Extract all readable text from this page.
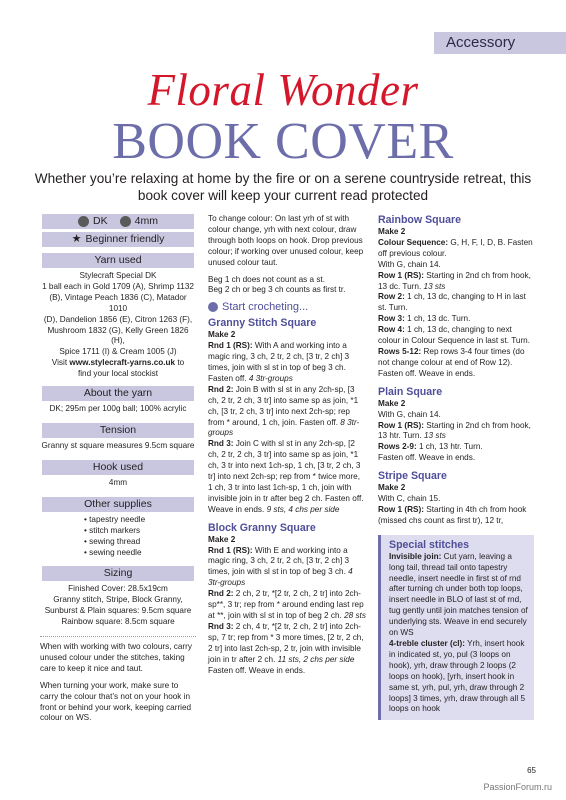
Accessory
Floral Wonder
BOOK COVER
Whether you’re relaxing at home by the fire or on a serene countryside retreat, this book cover will keep your current read protected
DK	4mm
★ Beginner friendly
Yarn used
Stylecraft Special DK
1 ball each in Gold 1709 (A), Shrimp 1132
(B), Vintage Peach 1836 (C), Matador 1010
(D), Dandelion 1856 (E), Citron 1263 (F),
Mushroom 1832 (G), Kelly Green 1826 (H),
Spice 1711 (I) & Cream 1005 (J)
Visit www.stylecraft-yarns.co.uk to
find your local stockist
About the yarn
DK; 295m per 100g ball; 100% acrylic
Tension
Granny st square measures 9.5cm square
Hook used
4mm
Other supplies
• tapestry needle
• stitch markers
• sewing thread
• sewing needle
Sizing
Finished Cover: 28.5x19cm
Granny stitch, Stripe, Block Granny,
Sunburst & Plain squares: 9.5cm square
Rainbow square: 8.5cm square

When with working with two colours, carry unused colour under the stitches, taking care to keep it nice and taut.

When turning your work, make sure to carry the colour that’s not on your hook in front or behind your work, keeping carried colour on WS.

To change colour: On last yrh of st with colour change, yrh with next colour, draw through both loops on hook. Drop previous colour; if working over unused colour, keep unused colour taut.

Beg 1 ch does not count as a st.

Beg 2 ch or beg 3 ch counts as first tr.

Start crocheting...
Granny Stitch Square
Make 2

Rnd 1 (RS): With A and working into a magic ring, 3 ch, 2 tr, 2 ch, [3 tr, 2 ch] 3 times, join with sl st in top of beg 3 ch. Fasten off. 4 3tr-groups

Rnd 2: Join B with sl st in any 2ch-sp, [3 ch, 2 tr, 2 ch, 3 tr] into same sp as join, *1 ch, [3 tr, 2 ch, 3 tr] into next 2ch-sp; rep from * around, 1 ch, join. Fasten off. 8 3tr-groups

Rnd 3: Join C with sl st in any 2ch-sp, [2 ch, 2 tr, 2 ch, 3 tr] into same sp as join, *1 ch, 3 tr into next 1ch-sp, 1 ch, [3 tr, 2 ch, 3 tr] into next 2ch-sp; rep from * twice more, 1 ch, 3 tr into last 1ch-sp, 1 ch, join with invisible join in tr after beg 2 ch. Fasten off. Weave in ends. 9 sts, 4 chs per side

Block Granny Square
Make 2

Rnd 1 (RS): With E and working into a magic ring, 3 ch, 2 tr, 2 ch, [3 tr, 2 ch] 3 times, join with sl st in top of beg 3 ch. 4 3tr-groups

Rnd 2: 2 ch, 2 tr, *[2 tr, 2 ch, 2 tr] into 2ch-sp**, 3 tr; rep from * around ending last rep at **, join with sl st in top of beg 2 ch. 28 sts

Rnd 3: 2 ch, 4 tr, *[2 tr, 2 ch, 2 tr] into 2ch-sp, 7 tr; rep from * 3 more times, [2 tr, 2 ch, 2 tr] into last 2ch-sp, 2 tr, join with invisible join in tr after 2 ch. 11 sts, 2 chs per side

Fasten off. Weave in ends.

Rainbow Square
Make 2

Colour Sequence: G, H, F, I, D, B. Fasten off previous colour.

With G, chain 14.

Row 1 (RS): Starting in 2nd ch from hook, 13 dc. Turn. 13 sts

Row 2: 1 ch, 13 dc, changing to H in last st. Turn.

Row 3: 1 ch, 13 dc. Turn.

Row 4: 1 ch, 13 dc, changing to next colour in Colour Sequence in last st. Turn.

Rows 5-12: Rep rows 3-4 four times (do not change colour at end of Row 12).

Fasten off. Weave in ends.

Plain Square
Make 2

With G, chain 14.

Row 1 (RS): Starting in 2nd ch from hook, 13 htr. Turn. 13 sts

Rows 2-9: 1 ch, 13 htr. Turn.

Fasten off. Weave in ends.

Stripe Square
Make 2

With C, chain 15.

Row 1 (RS): Starting in 4th ch from hook (missed chs count as first tr), 12 tr,

Special stitches

Invisible join: Cut yarn, leaving a long tail, thread tail onto tapestry needle, insert needle in first st of rnd after turning ch under both top loops, insert needle in BLO of last st of rnd, tug gently until join matches tension of underlying sts. Weave in end securely on WS

4-treble cluster (cl): Yrh, insert hook in indicated st, yo, pul (3 loops on hook), yrh, draw through 2 loops (2 loops on hook), [yrh, insert hook in same st, yrh, pul, yrh, draw through 2 loops] 3 times, yrh, draw through all 5 loops on hook

65
PassionForum.ru
